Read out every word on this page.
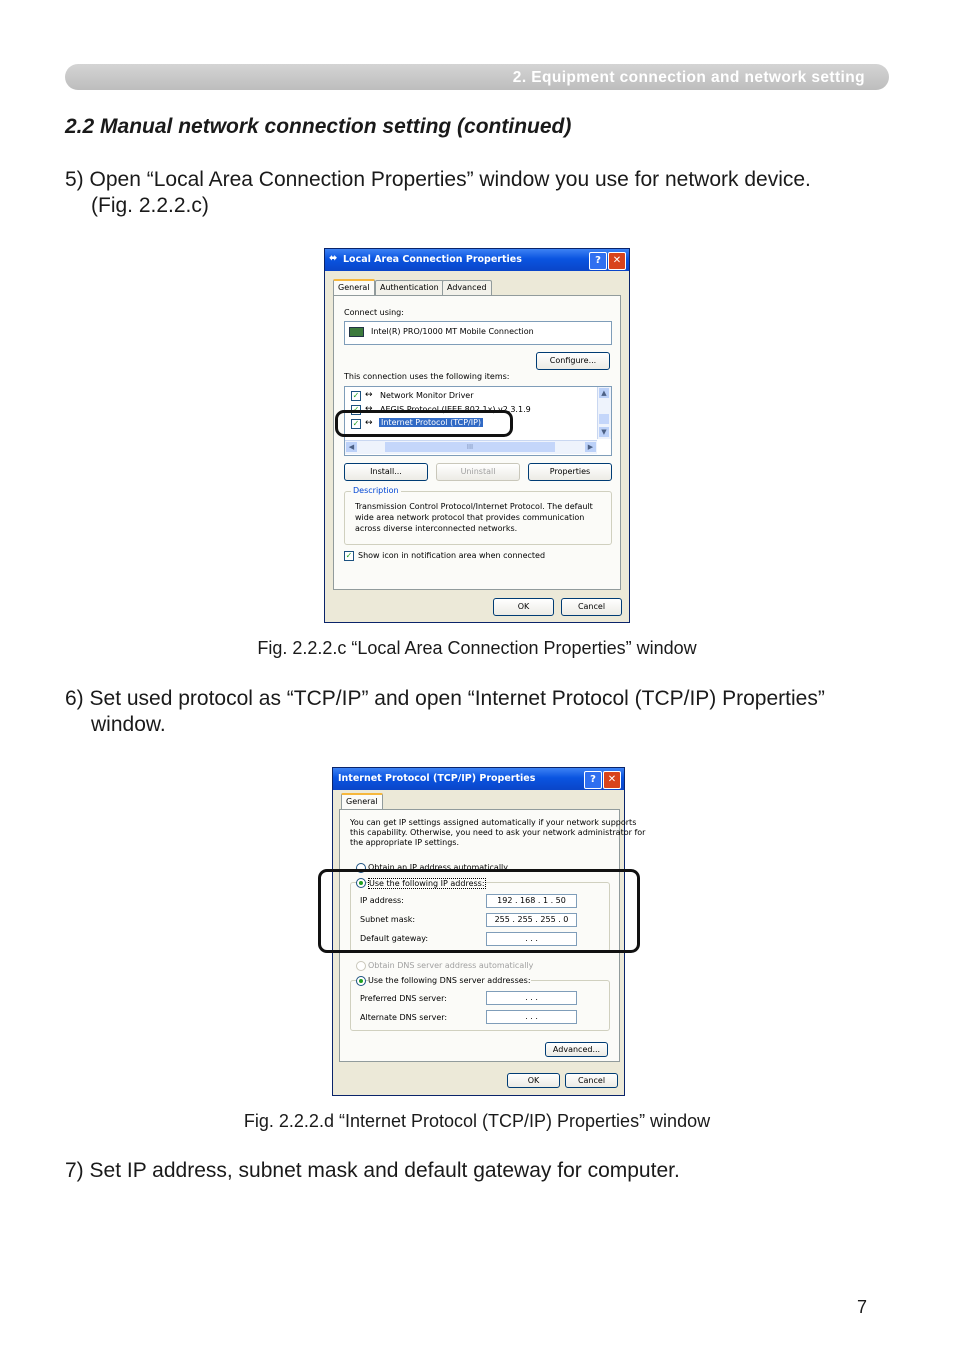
2. Equipment connection and network setting
2.2 Manual network connection setting (continued)
5) Open “Local Area Connection Properties” window you use for network device.
(Fig. 2.2.2.c)
⬌ Local Area Connection Properties	?	✕
General	Authentication	Advanced
Connect using:
Intel(R) PRO/1000 MT Mobile Connection
Configure...
This connection uses the following items:
✓ ↔ Network Monitor Driver
✓ ↔ AEGIS Protocol (IEEE 802.1x) v2.3.1.9
✓ ↔ Internet Protocol (TCP/IP)
▲
▼
◀	III	▶
Install...	Uninstall	Properties
Description
Transmission Control Protocol/Internet Protocol. The default
wide area network protocol that provides communication
across diverse interconnected networks.
✓ Show icon in notification area when connected
OK	Cancel
Fig. 2.2.2.c “Local Area Connection Properties” window
6) Set used protocol as “TCP/IP” and open “Internet Protocol (TCP/IP) Properties”
window.
Internet Protocol (TCP/IP) Properties	?	✕
General
You can get IP settings assigned automatically if your network supports
this capability. Otherwise, you need to ask your network administrator for
the appropriate IP settings.
Obtain an IP address automatically
Use the following IP address:
IP address:	192 . 168 . 1 . 50
Subnet mask:	255 . 255 . 255 . 0
Default gateway:	. . .
Obtain DNS server address automatically
Use the following DNS server addresses:
Preferred DNS server:	. . .
Alternate DNS server:	. . .
Advanced...
OK	Cancel
Fig. 2.2.2.d “Internet Protocol (TCP/IP) Properties” window
7) Set IP address, subnet mask and default gateway for computer.
7
